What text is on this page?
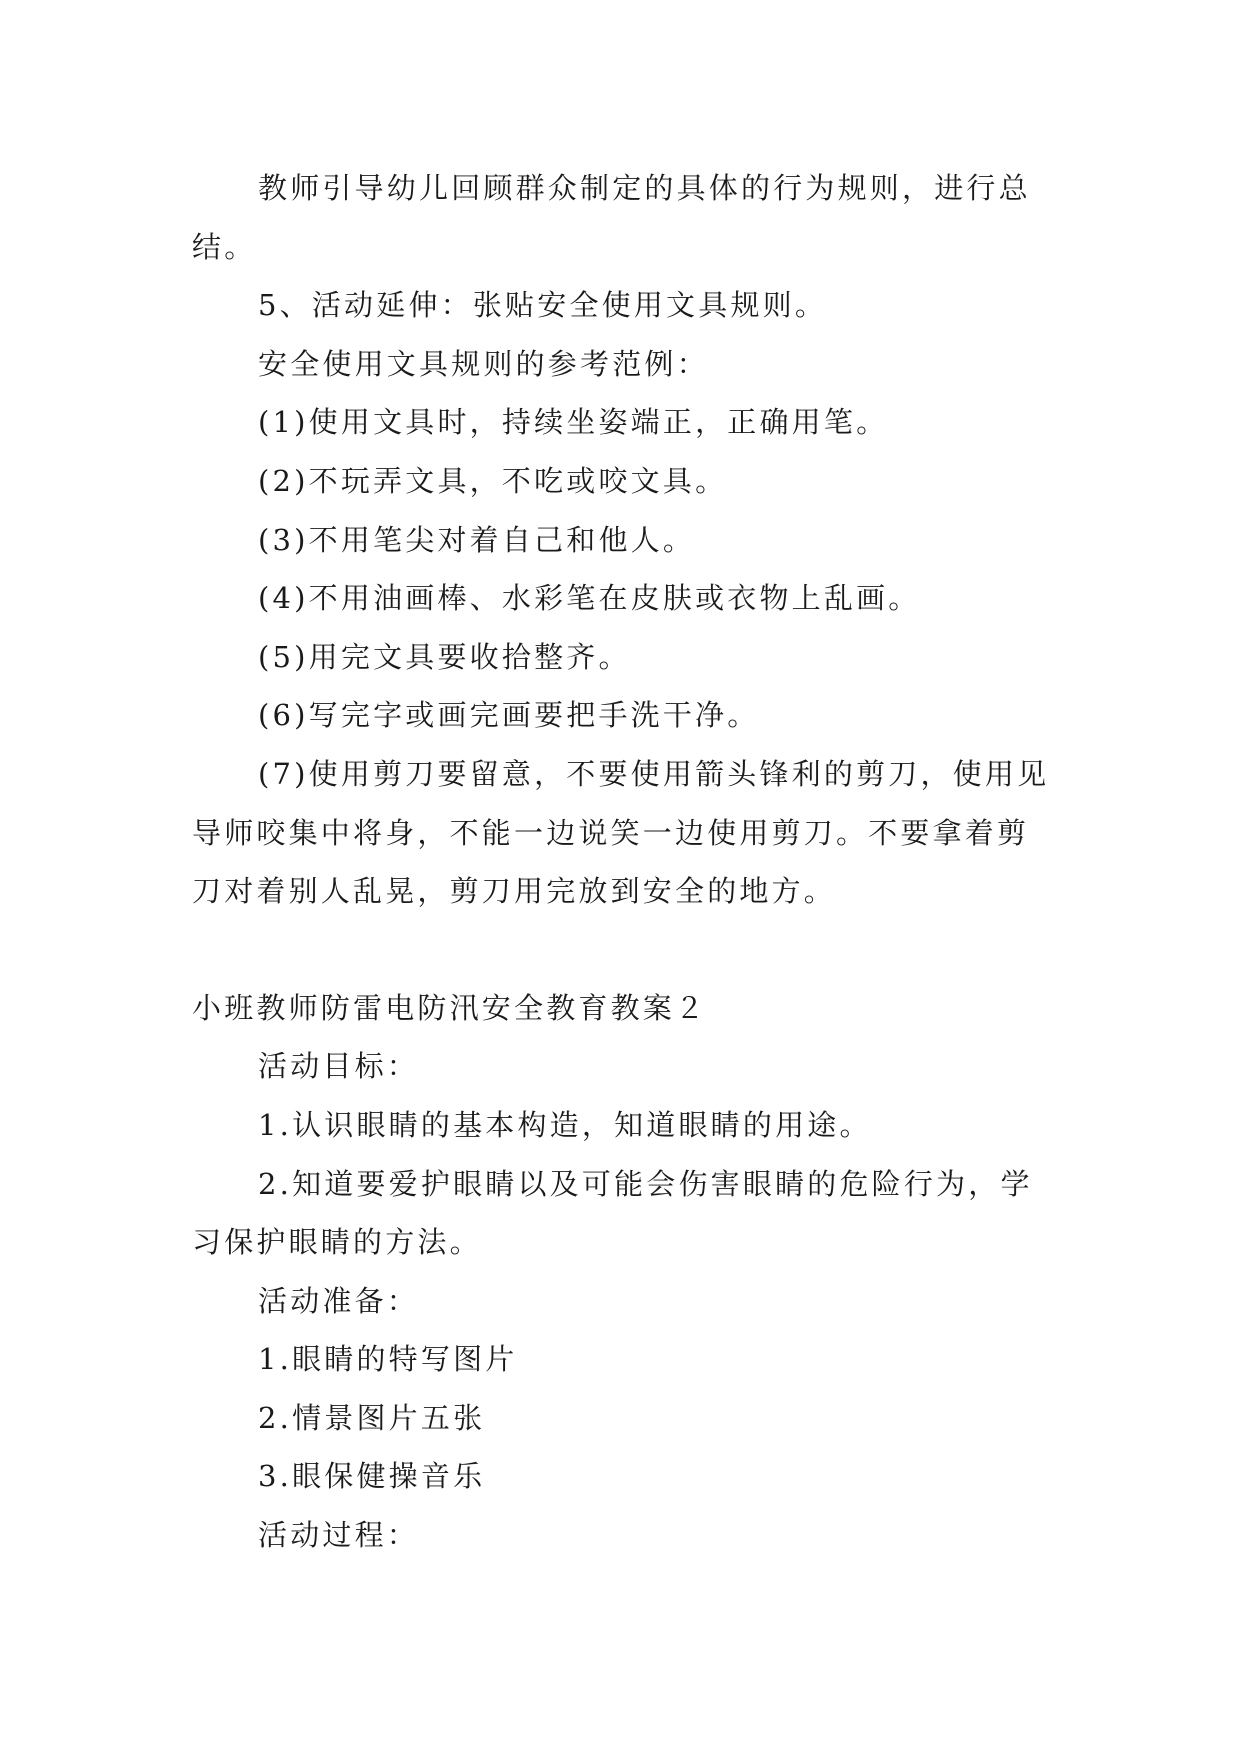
教师引导幼儿回顾群众制定的具体的行为规则，进行总结。

5、活动延伸：张贴安全使用文具规则。

安全使用文具规则的参考范例：

(1)使用文具时，持续坐姿端正，正确用笔。

(2)不玩弄文具，不吃或咬文具。

(3)不用笔尖对着自己和他人。

(4)不用油画棒、水彩笔在皮肤或衣物上乱画。

(5)用完文具要收拾整齐。

(6)写完字或画完画要把手洗干净。

(7)使用剪刀要留意，不要使用箭头锋利的剪刀，使用见导师咬集中将身，不能一边说笑一边使用剪刀。不要拿着剪刀对着别人乱晃，剪刀用完放到安全的地方。

小班教师防雷电防汛安全教育教案２

活动目标：

1.认识眼睛的基本构造，知道眼睛的用途。

2.知道要爱护眼睛以及可能会伤害眼睛的危险行为，学习保护眼睛的方法。

活动准备：

1.眼睛的特写图片

2.情景图片五张

3.眼保健操音乐

活动过程：
